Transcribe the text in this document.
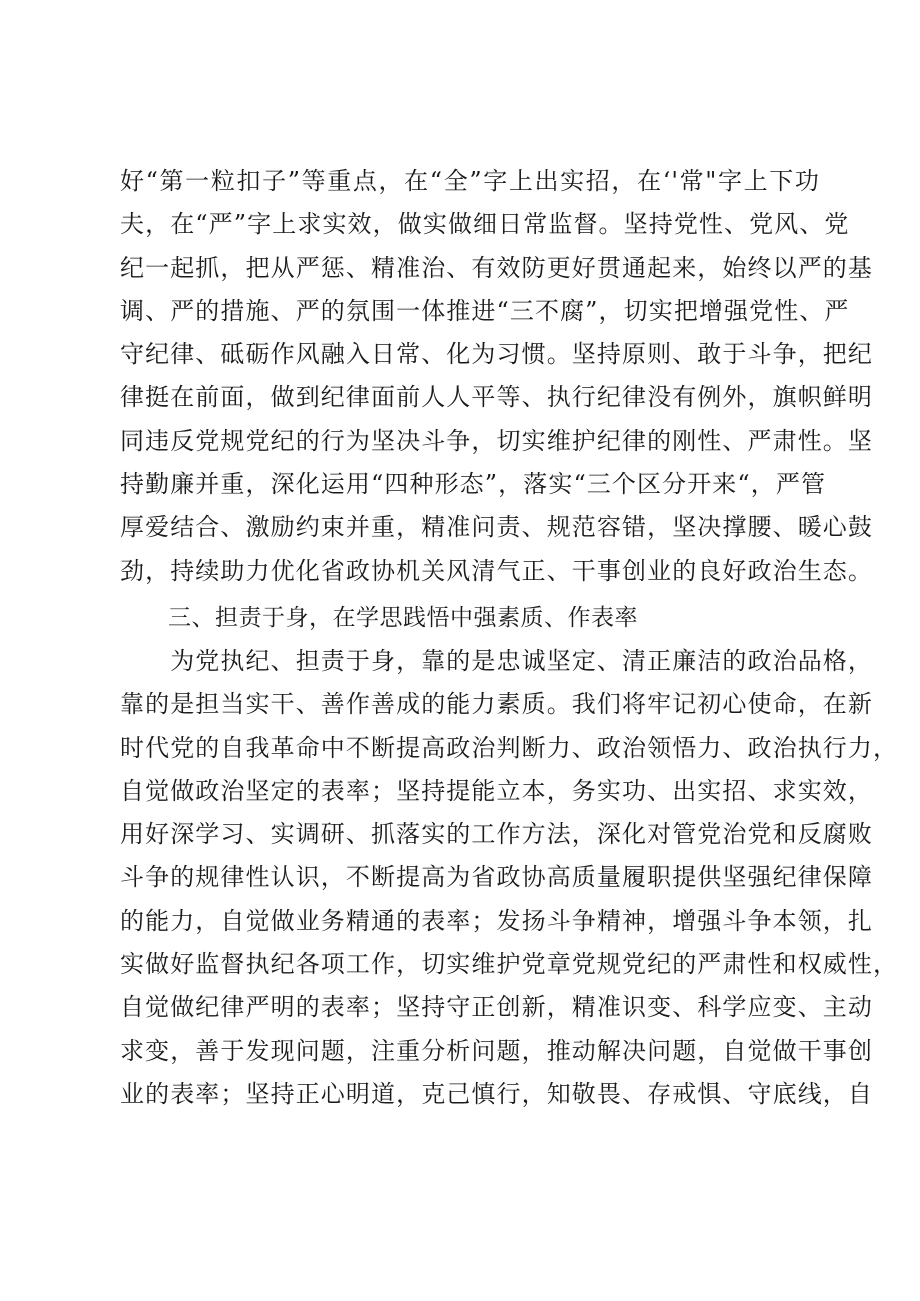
好“第一粒扣子”等重点，在“全”字上出实招，在‘'常"字上下功
夫，在“严”字上求实效，做实做细日常监督。坚持党性、党风、党
纪一起抓，把从严惩、精准治、有效防更好贯通起来，始终以严的基
调、严的措施、严的氛围一体推进“三不腐”，切实把增强党性、严
守纪律、砥砺作风融入日常、化为习惯。坚持原则、敢于斗争，把纪
律挺在前面，做到纪律面前人人平等、执行纪律没有例外，旗帜鲜明
同违反党规党纪的行为坚决斗争，切实维护纪律的刚性、严肃性。坚
持勤廉并重，深化运用“四种形态”，落实“三个区分开来“，严管
厚爱结合、激励约束并重，精准问责、规范容错，坚决撑腰、暖心鼓
劲，持续助力优化省政协机关风清气正、干事创业的良好政治生态。
三、担责于身，在学思践悟中强素质、作表率
　　为党执纪、担责于身，靠的是忠诚坚定、清正廉洁的政治品格，
靠的是担当实干、善作善成的能力素质。我们将牢记初心使命，在新
时代党的自我革命中不断提高政治判断力、政治领悟力、政治执行力，
自觉做政治坚定的表率；坚持提能立本，务实功、出实招、求实效，
用好深学习、实调研、抓落实的工作方法，深化对管党治党和反腐败
斗争的规律性认识，不断提高为省政协高质量履职提供坚强纪律保障
的能力，自觉做业务精通的表率；发扬斗争精神，增强斗争本领，扎
实做好监督执纪各项工作，切实维护党章党规党纪的严肃性和权威性，
自觉做纪律严明的表率；坚持守正创新，精准识变、科学应变、主动
求变，善于发现问题，注重分析问题，推动解决问题，自觉做干事创
业的表率；坚持正心明道，克己慎行，知敬畏、存戒惧、守底线，自
